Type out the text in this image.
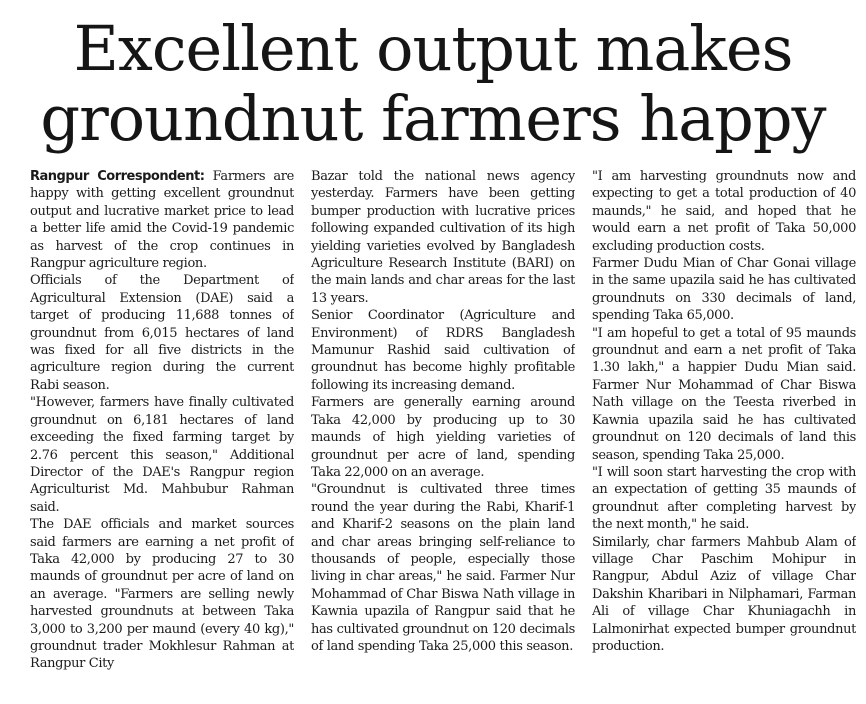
Excellent output makes
groundnut farmers happy

Rangpur Correspondent: Farmers are happy with getting excellent groundnut output and lucrative market price to lead a better life amid the Covid-19 pandemic as harvest of the crop continues in Rangpur agriculture region.

Officials of the Department of Agricultural Extension (DAE) said a target of producing 11,688 tonnes of groundnut from 6,015 hectares of land was fixed for all five districts in the agriculture region during the current Rabi season.

"However, farmers have finally cultivated groundnut on 6,181 hectares of land exceeding the fixed farming target by 2.76 percent this season," Additional Director of the DAE's Rangpur region Agriculturist Md. Mahbubur Rahman said.

The DAE officials and market sources said farmers are earning a net profit of Taka 42,000 by producing 27 to 30 maunds of groundnut per acre of land on an average. "Farmers are selling newly harvested groundnuts at between Taka 3,000 to 3,200 per maund (every 40 kg)," groundnut trader Mokhlesur Rahman at Rangpur City

Bazar told the national news agency yesterday. Farmers have been getting bumper production with lucrative prices following expanded cultivation of its high yielding varieties evolved by Bangladesh Agriculture Research Institute (BARI) on the main lands and char areas for the last 13 years.

Senior Coordinator (Agriculture and Environment) of RDRS Bangladesh Mamunur Rashid said cultivation of groundnut has become highly profitable following its increasing demand.

Farmers are generally earning around Taka 42,000 by producing up to 30 maunds of high yielding varieties of groundnut per acre of land, spending Taka 22,000 on an average.

"Groundnut is cultivated three times round the year during the Rabi, Kharif-1 and Kharif-2 seasons on the plain land and char areas bringing self-reliance to thousands of people, especially those living in char areas," he said. Farmer Nur Mohammad of Char Biswa Nath village in Kawnia upazila of Rangpur said that he has cultivated groundnut on 120 decimals of land spending Taka 25,000 this season.

"I am harvesting groundnuts now and expecting to get a total production of 40 maunds," he said, and hoped that he would earn a net profit of Taka 50,000 excluding production costs.

Farmer Dudu Mian of Char Gonai village in the same upazila said he has cultivated groundnuts on 330 decimals of land, spending Taka 65,000.

"I am hopeful to get a total of 95 maunds groundnut and earn a net profit of Taka 1.30 lakh," a happier Dudu Mian said. Farmer Nur Mohammad of Char Biswa Nath village on the Teesta riverbed in Kawnia upazila said he has cultivated groundnut on 120 decimals of land this season, spending Taka 25,000.

"I will soon start harvesting the crop with an expectation of getting 35 maunds of groundnut after completing harvest by the next month," he said.

Similarly, char farmers Mahbub Alam of village Char Paschim Mohipur in Rangpur, Abdul Aziz of village Char Dakshin Kharibari in Nilphamari, Farman Ali of village Char Khuniagachh in Lalmonirhat expected bumper groundnut production.
